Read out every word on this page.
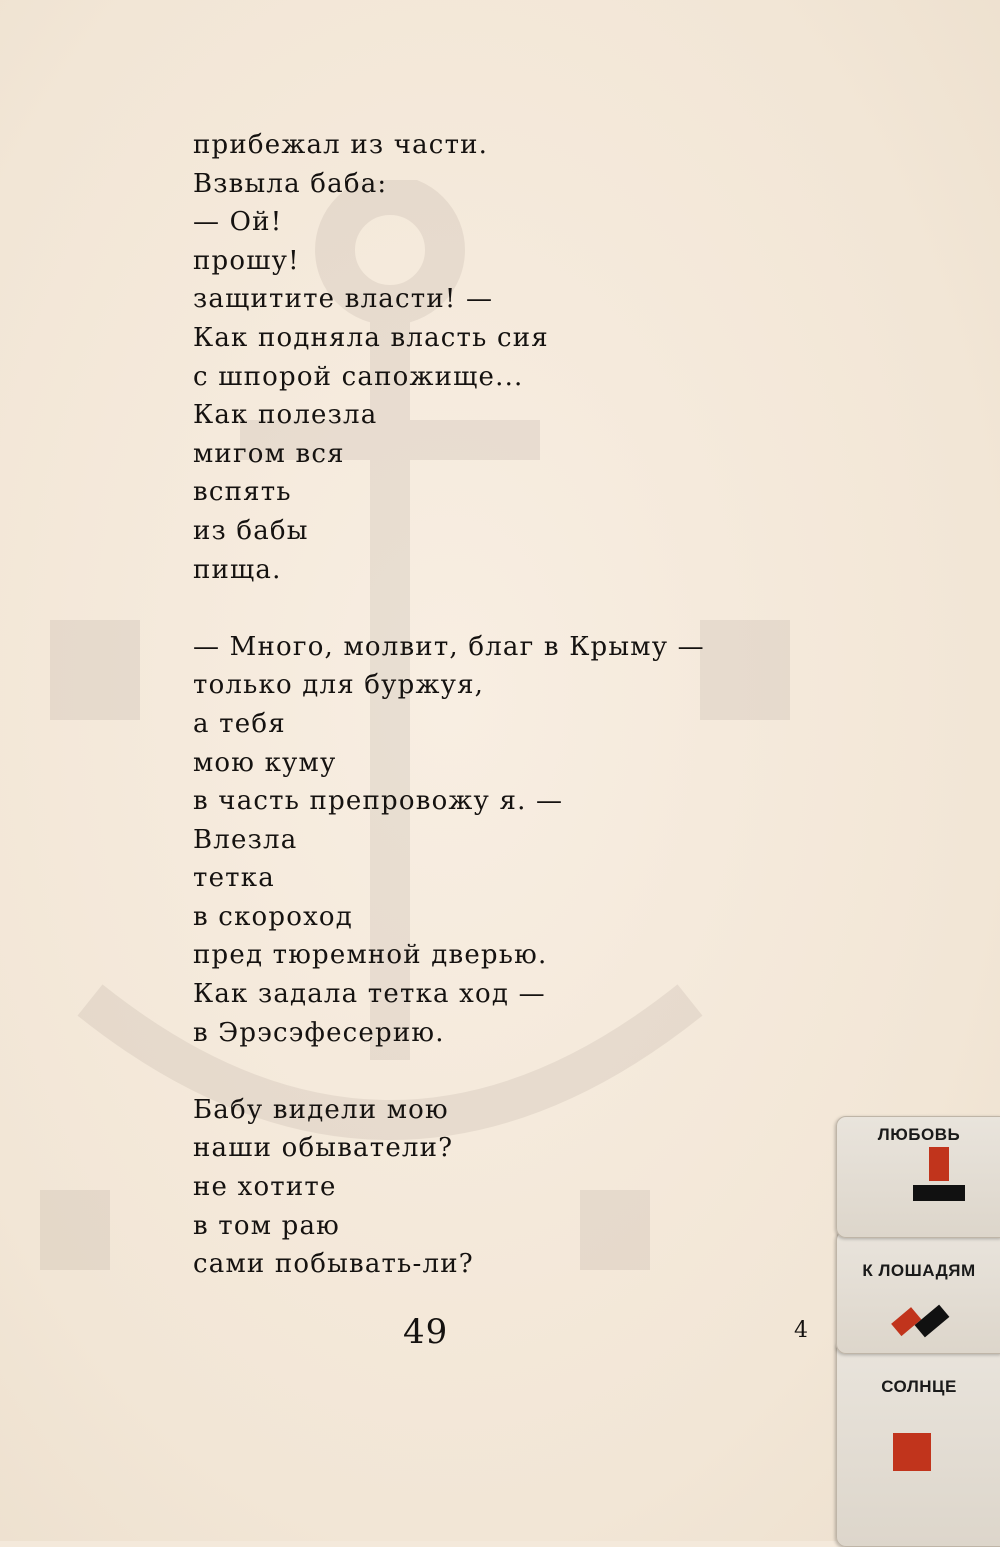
прибежал из части.
Взвыла баба:
— Ой!
прошу!
защитите власти! —
Как подняла власть сия
с шпорой сапожище...
Как полезла
мигом вся
вспять
из бабы
пища.
— Много, молвит, благ в Крыму —
только для буржуя,
а тебя
мою куму
в часть препровожу я. —
Влезла
тетка
в скороход
пред тюремной дверью.
Как задала тетка ход —
в Эрэсэфесерию.
Бабу видели мою
наши обыватели?
не хотите
в том раю
сами побывать-ли?
49	4
СОЛНЦЕ
К ЛОШАДЯМ
ЛЮБОВЬ
